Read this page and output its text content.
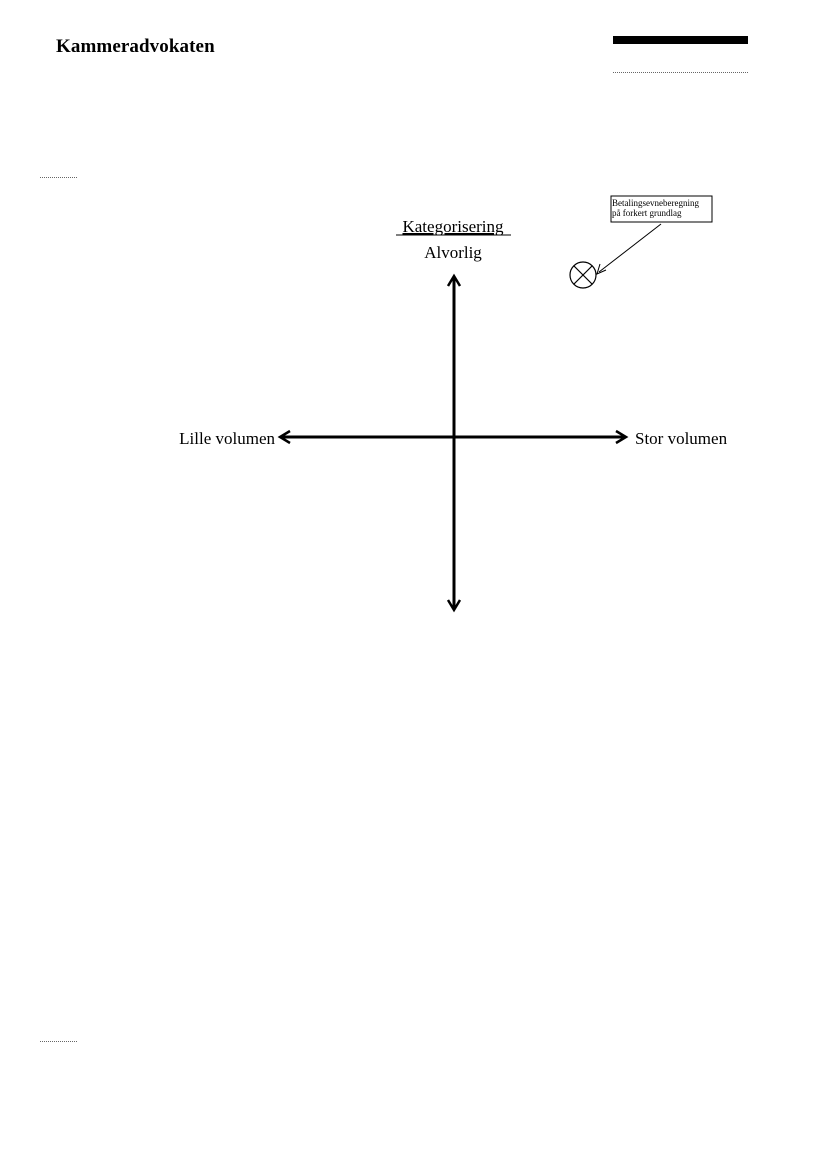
Kammeradvokaten
Kategorisering
Alvorlig
Lille volumen	Stor volumen
Betalingsevneberegning
på forkert grundlag
